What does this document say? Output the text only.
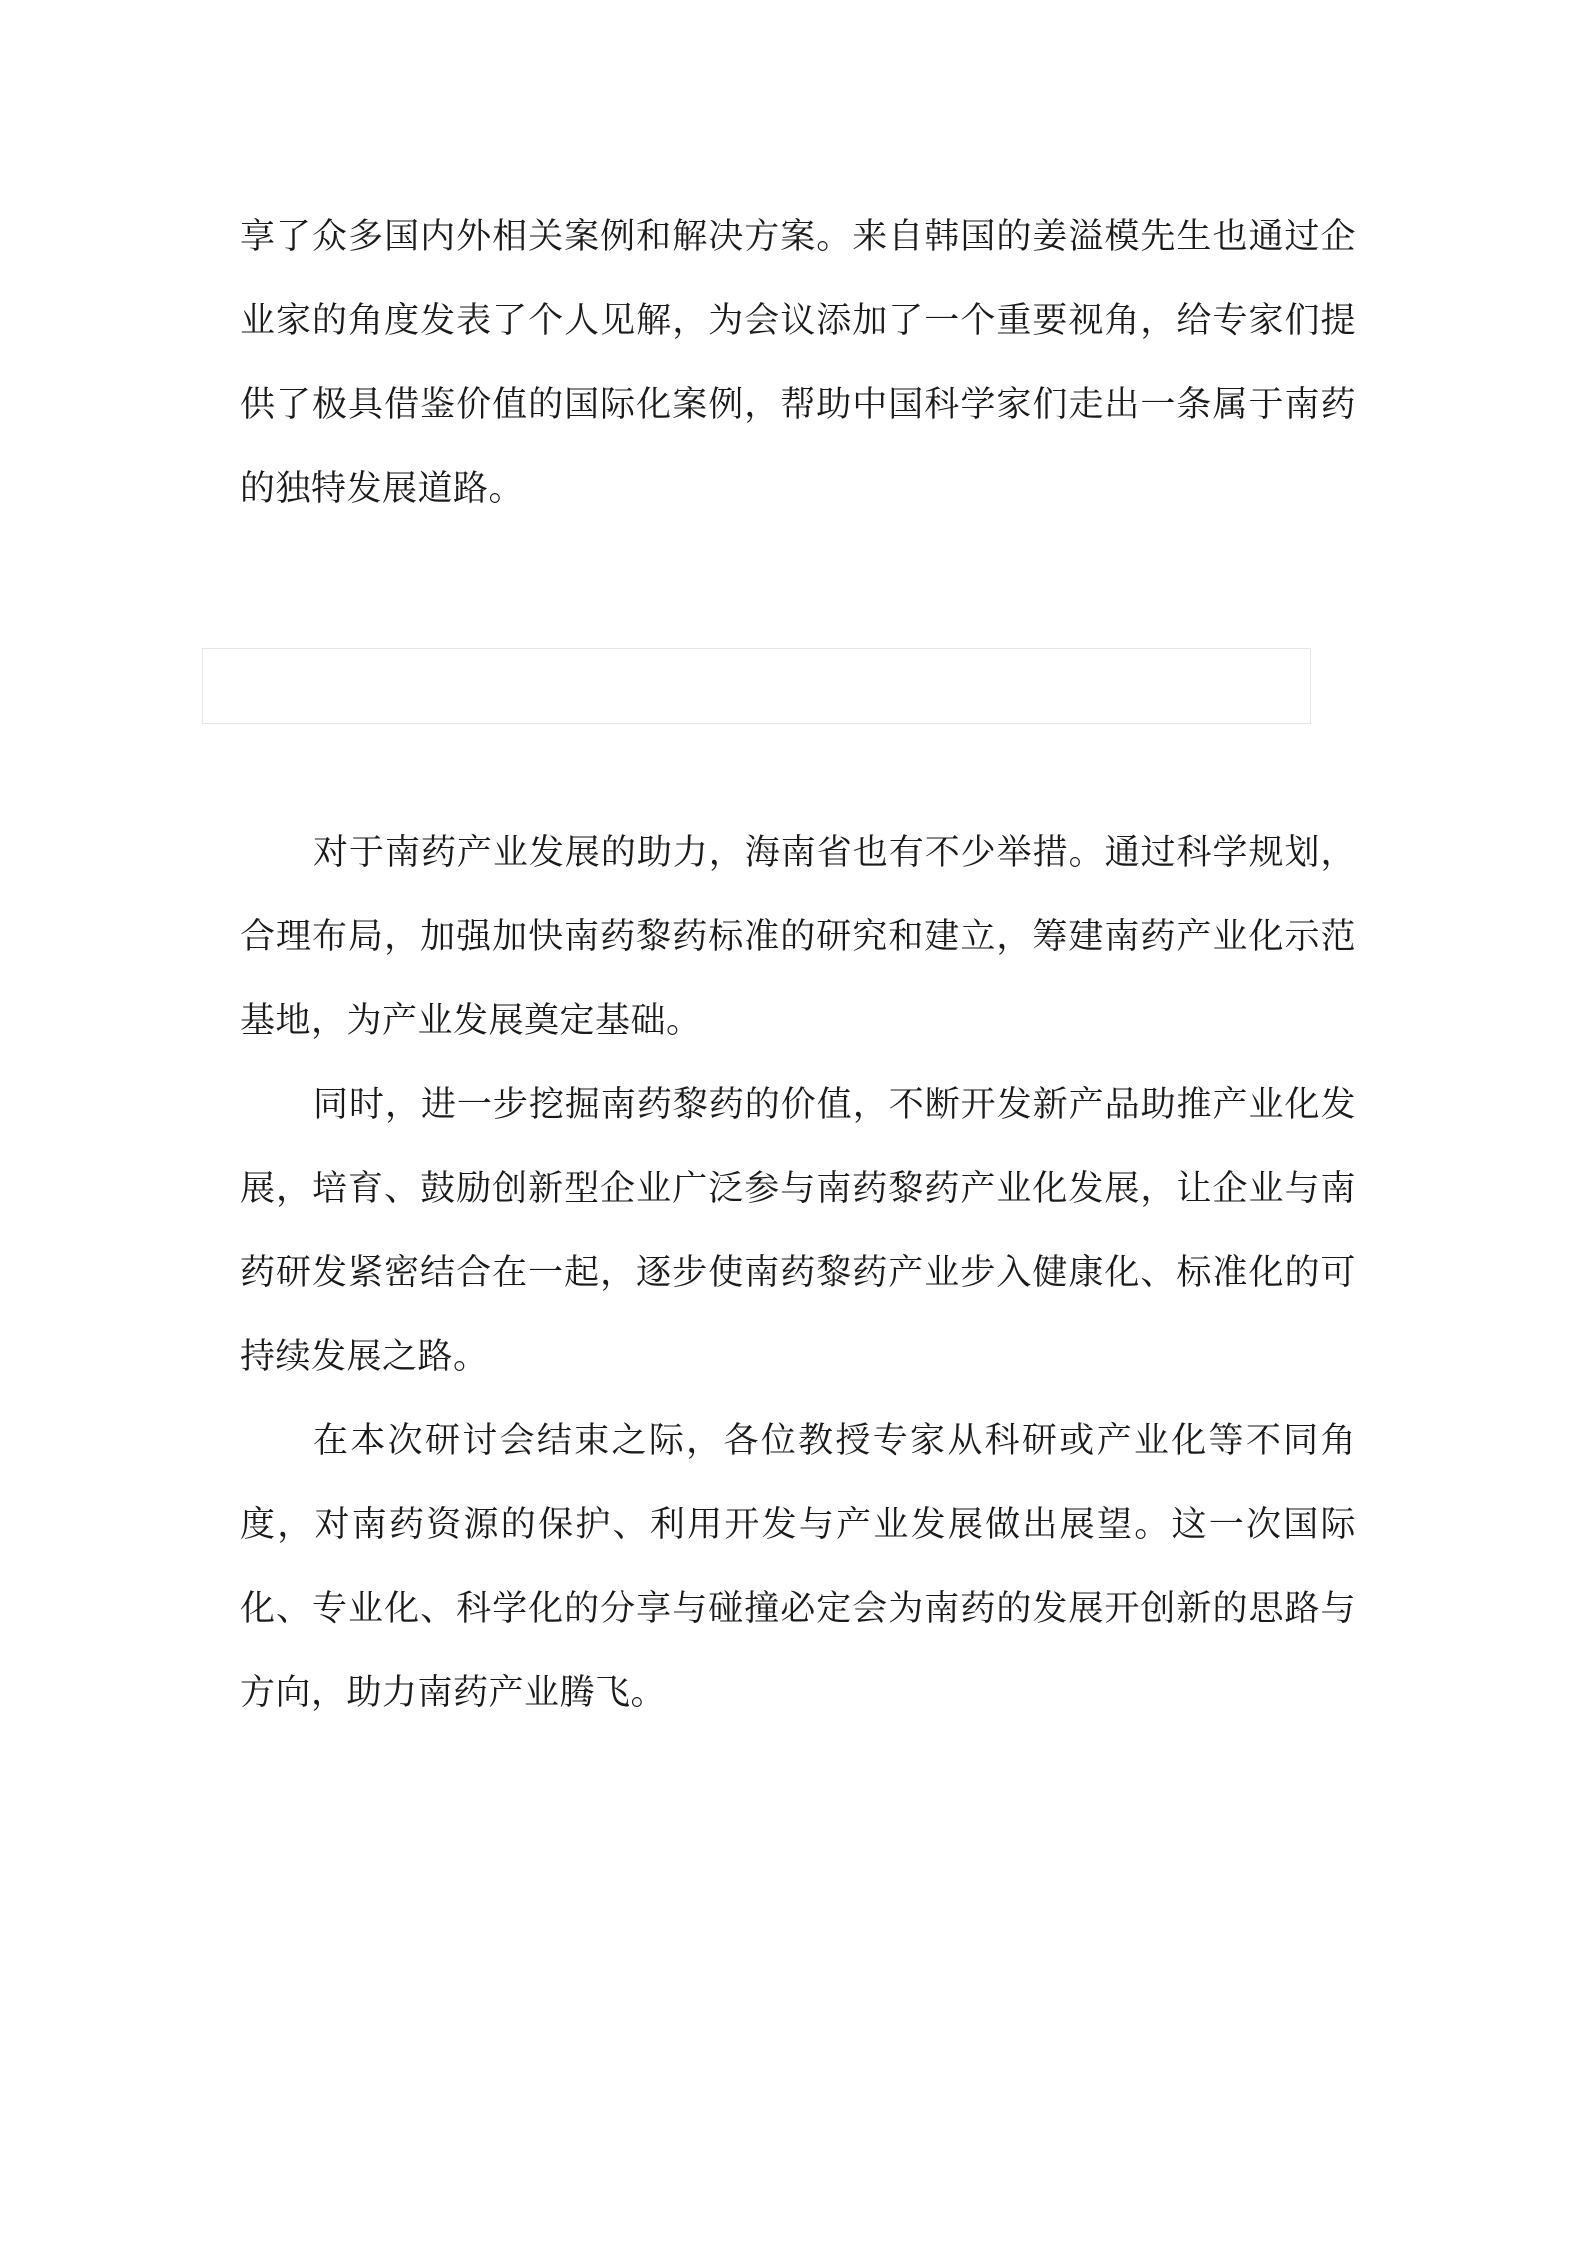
享了众多国内外相关案例和解决方案。来自韩国的姜溢模先生也通过企业家的角度发表了个人见解，为会议添加了一个重要视角，给专家们提供了极具借鉴价值的国际化案例，帮助中国科学家们走出一条属于南药的独特发展道路。

对于南药产业发展的助力，海南省也有不少举措。通过科学规划，合理布局，加强加快南药黎药标准的研究和建立，筹建南药产业化示范基地，为产业发展奠定基础。

同时，进一步挖掘南药黎药的价值，不断开发新产品助推产业化发展，培育、鼓励创新型企业广泛参与南药黎药产业化发展，让企业与南药研发紧密结合在一起，逐步使南药黎药产业步入健康化、标准化的可持续发展之路。

在本次研讨会结束之际，各位教授专家从科研或产业化等不同角度，对南药资源的保护、利用开发与产业发展做出展望。这一次国际化、专业化、科学化的分享与碰撞必定会为南药的发展开创新的思路与方向，助力南药产业腾飞。
